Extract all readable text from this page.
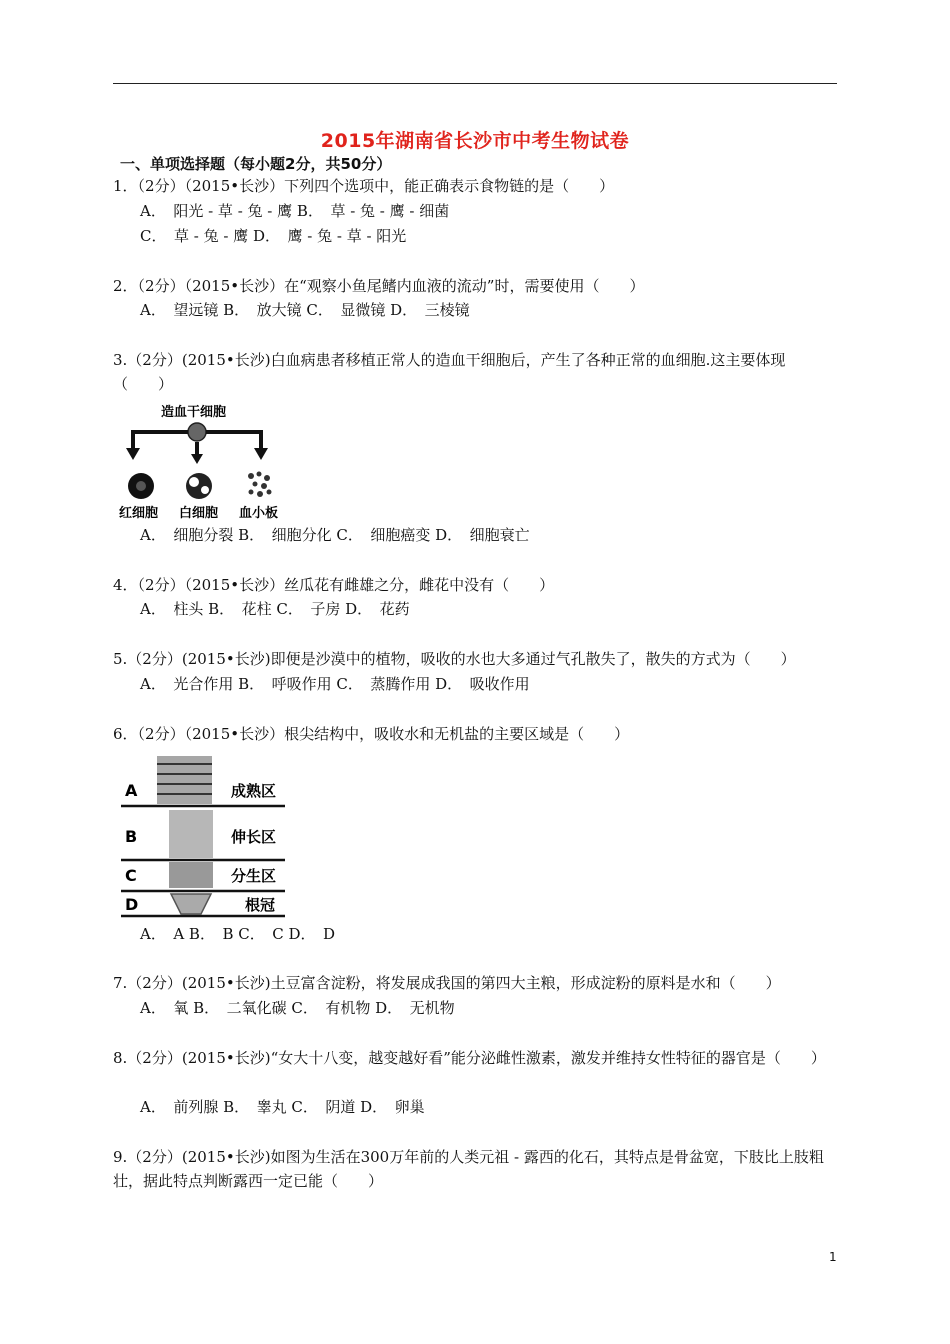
2015年湖南省长沙市中考生物试卷
一、单项选择题（每小题2分，共50分）
1．（2分）（2015•长沙）下列四个选项中，能正确表示食物链的是（　　）
A．　阳光 - 草 - 兔 - 鹰 B．　草 - 兔 - 鹰 - 细菌
C．　草 - 兔 - 鹰 D．　鹰 - 兔 - 草 - 阳光
2．（2分）（2015•长沙）在“观察小鱼尾鳍内血液的流动”时，需要使用（　　）
A．　望远镜 B．　放大镜 C．　显微镜 D．　三棱镜
3.（2分）(2015•长沙)白血病患者移植正常人的造血干细胞后，产生了各种正常的血细胞.这主要体现（　　）
造血干细胞
红细胞 白细胞 血小板
A．　细胞分裂 B．　细胞分化 C．　细胞癌变 D．　细胞衰亡
4．（2分）（2015•长沙）丝瓜花有雌雄之分，雌花中没有（　　）
A．　柱头 B．　花柱 C．　子房 D．　花药
5.（2分）(2015•长沙)即便是沙漠中的植物，吸收的水也大多通过气孔散失了，散失的方式为（　　）
A．　光合作用 B．　呼吸作用 C．　蒸腾作用 D．　吸收作用
6．（2分）（2015•长沙）根尖结构中，吸收水和无机盐的主要区域是（　　）
A	成熟区
B	伸长区
C	分生区
D	根冠
A．　A B．　B C．　C D．　D
7.（2分）(2015•长沙)土豆富含淀粉，将发展成我国的第四大主粮，形成淀粉的原料是水和（　　）
A．　氧 B．　二氧化碳 C．　有机物 D．　无机物
8.（2分）(2015•长沙)“女大十八变，越变越好看”能分泌雌性激素，激发并维持女性特征的器官是（　　）
A．　前列腺 B．　睾丸 C．　阴道 D．　卵巢
9.（2分）(2015•长沙)如图为生活在300万年前的人类元祖 - 露西的化石，其特点是骨盆宽，下肢比上肢粗壮，据此特点判断露西一定已能（　　）
1
